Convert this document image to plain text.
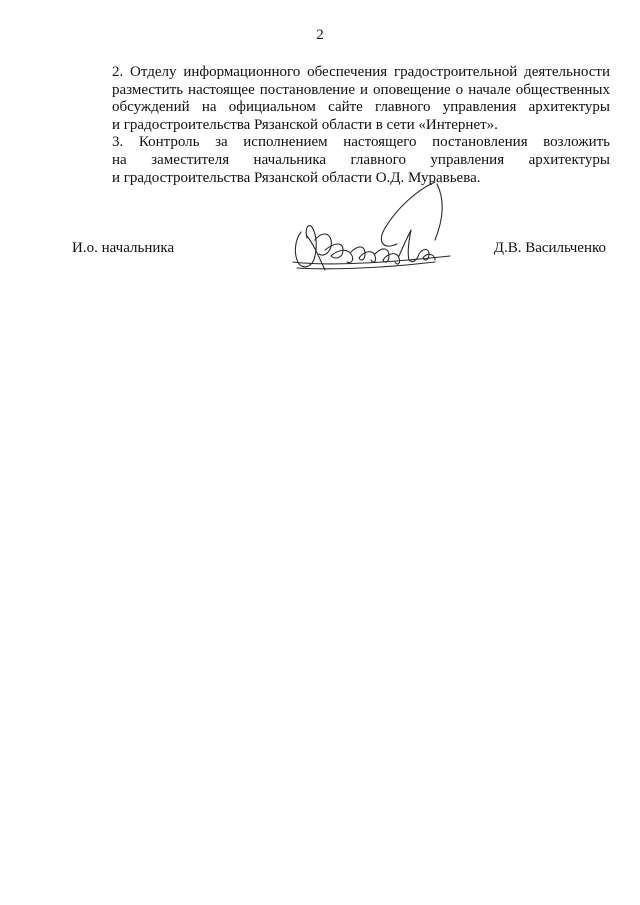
2

2. Отделу информационного обеспечения градостроительной деятельности
разместить настоящее постановление и оповещение о начале общественных
обсуждений на официальном сайте главного управления архитектуры
и градостроительства Рязанской области в сети «Интернет».

3. Контроль за исполнением настоящего постановления возложить
на заместителя начальника главного управления архитектуры
и градостроительства Рязанской области О.Д. Муравьева.

И.о. начальника	Д.В. Васильченко
